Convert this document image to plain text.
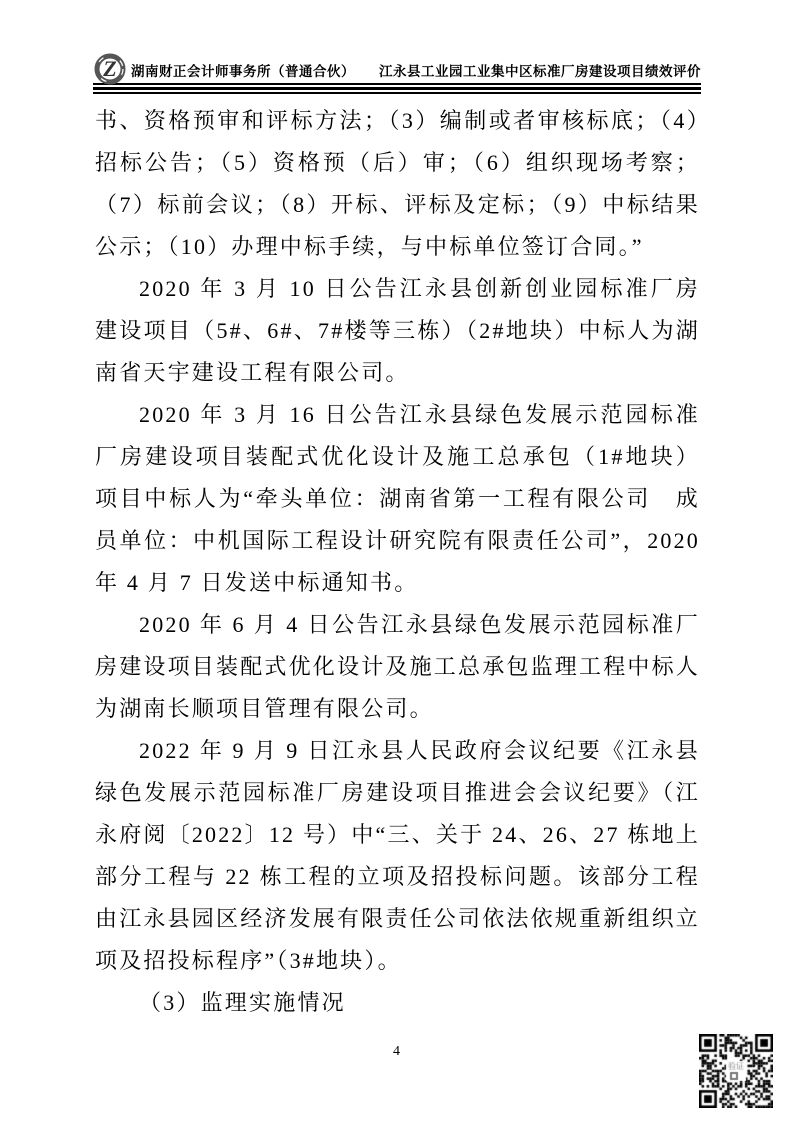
Z 湖南财正会计师事务所（普通合伙） 江永县工业园工业集中区标准厂房建设项目绩效评价

书、资格预审和评标方法；（3）编制或者审核标底；（4）招标公告；（5）资格预（后）审；（6）组织现场考察；（7）标前会议；（8）开标、评标及定标；（9）中标结果公示；（10）办理中标手续，与中标单位签订合同。”

2020 年 3 月 10 日公告江永县创新创业园标准厂房建设项目（5#、6#、7#楼等三栋）（2#地块）中标人为湖南省天宇建设工程有限公司。

2020 年 3 月 16 日公告江永县绿色发展示范园标准厂房建设项目装配式优化设计及施工总承包（1#地块）项目中标人为“牵头单位：湖南省第一工程有限公司　成员单位：中机国际工程设计研究院有限责任公司”，2020 年 4 月 7 日发送中标通知书。

2020 年 6 月 4 日公告江永县绿色发展示范园标准厂房建设项目装配式优化设计及施工总承包监理工程中标人为湖南长顺项目管理有限公司。

2022 年 9 月 9 日江永县人民政府会议纪要《江永县绿色发展示范园标准厂房建设项目推进会会议纪要》（江永府阅〔2022〕12 号）中“三、关于 24、26、27 栋地上部分工程与 22 栋工程的立项及招投标问题。该部分工程由江永县园区经济发展有限责任公司依法依规重新组织立项及招投标程序”（3#地块）。

（3）监理实施情况

4
